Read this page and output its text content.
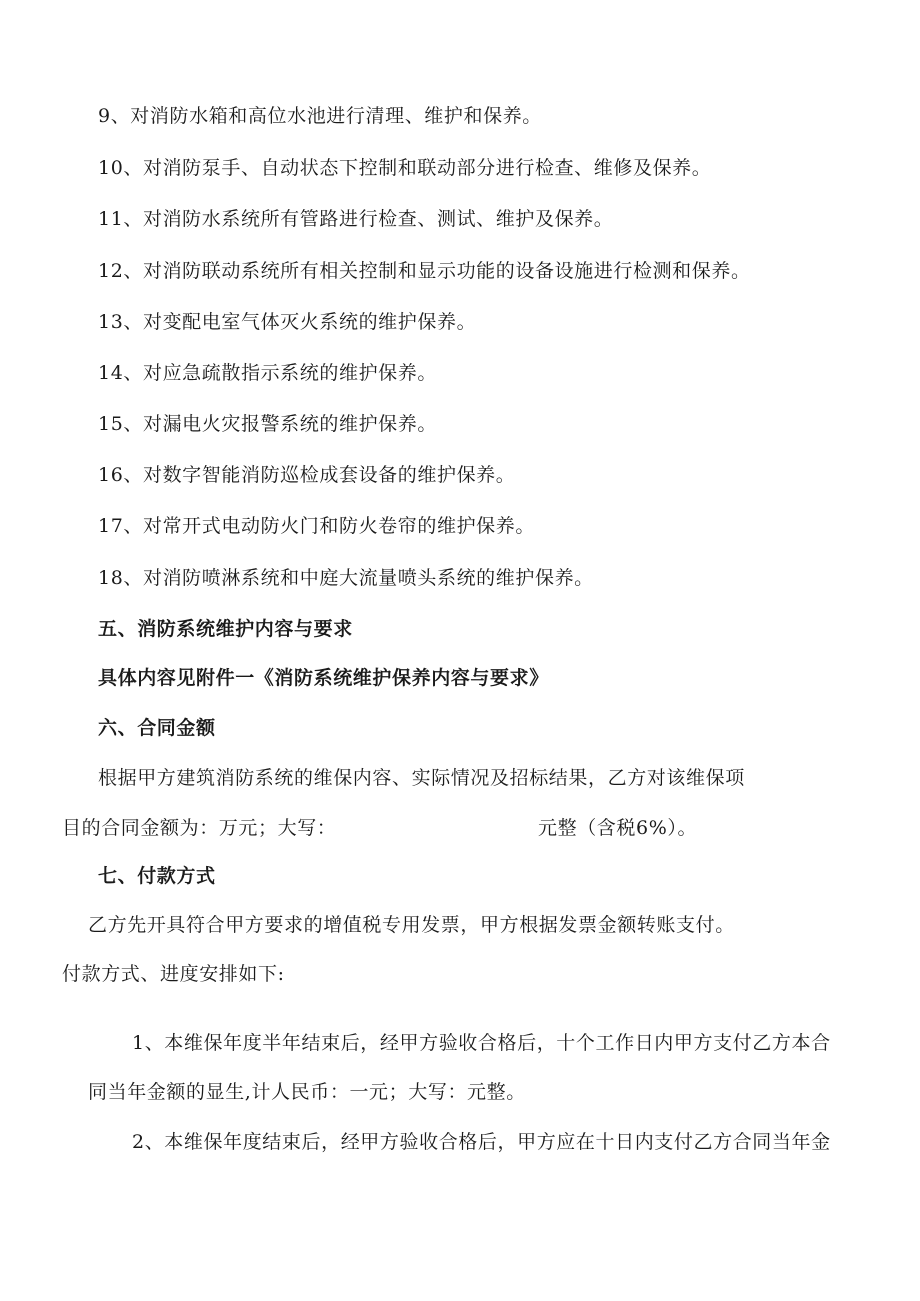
9、对消防水箱和高位水池进行清理、维护和保养。
10、对消防泵手、自动状态下控制和联动部分进行检查、维修及保养。
11、对消防水系统所有管路进行检查、测试、维护及保养。
12、对消防联动系统所有相关控制和显示功能的设备设施进行检测和保养。
13、对变配电室气体灭火系统的维护保养。
14、对应急疏散指示系统的维护保养。
15、对漏电火灾报警系统的维护保养。
16、对数字智能消防巡检成套设备的维护保养。
17、对常开式电动防火门和防火卷帘的维护保养。
18、对消防喷淋系统和中庭大流量喷头系统的维护保养。
五、消防系统维护内容与要求
具体内容见附件一《消防系统维护保养内容与要求》
六、合同金额
根据甲方建筑消防系统的维保内容、实际情况及招标结果，乙方对该维保项
目的合同金额为：万元；大写：	元整（含税6%）。
七、付款方式
乙方先开具符合甲方要求的增值税专用发票，甲方根据发票金额转账支付。
付款方式、进度安排如下:
1、本维保年度半年结束后，经甲方验收合格后，十个工作日内甲方支付乙方本合
同当年金额的显生,计人民币：一元；大写：元整。
2、本维保年度结束后，经甲方验收合格后，甲方应在十日内支付乙方合同当年金
